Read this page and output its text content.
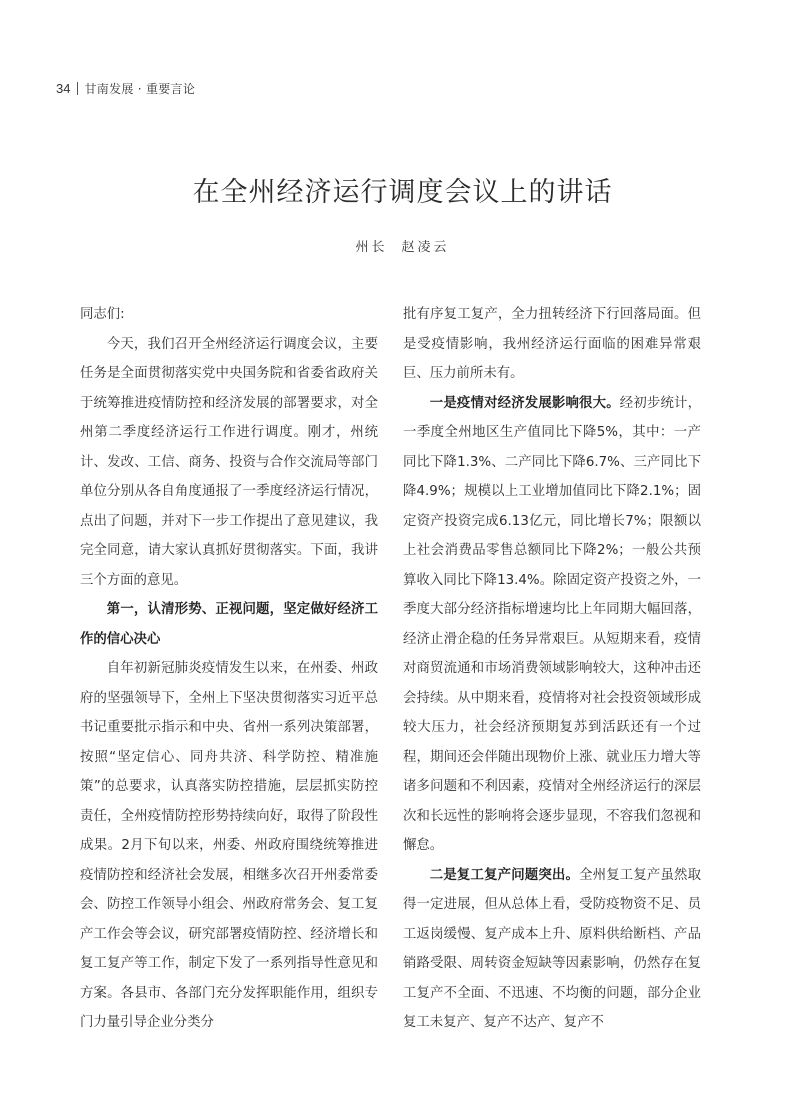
34 甘南发展 · 重要言论
在全州经济运行调度会议上的讲话
州长 赵凌云

同志们:

今天，我们召开全州经济运行调度会议，主要任务是全面贯彻落实党中央国务院和省委省政府关于统筹推进疫情防控和经济发展的部署要求，对全州第二季度经济运行工作进行调度。刚才，州统计、发改、工信、商务、投资与合作交流局等部门单位分别从各自角度通报了一季度经济运行情况，点出了问题，并对下一步工作提出了意见建议，我完全同意，请大家认真抓好贯彻落实。下面，我讲三个方面的意见。

第一，认清形势、正视问题，坚定做好经济工作的信心决心

自年初新冠肺炎疫情发生以来，在州委、州政府的坚强领导下，全州上下坚决贯彻落实习近平总书记重要批示指示和中央、省州一系列决策部署，按照“坚定信心、同舟共济、科学防控、精准施策”的总要求，认真落实防控措施，层层抓实防控责任，全州疫情防控形势持续向好，取得了阶段性成果。2月下旬以来，州委、州政府围绕统筹推进疫情防控和经济社会发展，相继多次召开州委常委会、防控工作领导小组会、州政府常务会、复工复产工作会等会议，研究部署疫情防控、经济增长和复工复产等工作，制定下发了一系列指导性意见和方案。各县市、各部门充分发挥职能作用，组织专门力量引导企业分类分

批有序复工复产，全力扭转经济下行回落局面。但是受疫情影响，我州经济运行面临的困难异常艰巨、压力前所未有。

一是疫情对经济发展影响很大。经初步统计，一季度全州地区生产值同比下降5%，其中：一产同比下降1.3%、二产同比下降6.7%、三产同比下降4.9%；规模以上工业增加值同比下降2.1%；固定资产投资完成6.13亿元，同比增长7%；限额以上社会消费品零售总额同比下降2%；一般公共预算收入同比下降13.4%。除固定资产投资之外，一季度大部分经济指标增速均比上年同期大幅回落，经济止滑企稳的任务异常艰巨。从短期来看，疫情对商贸流通和市场消费领域影响较大，这种冲击还会持续。从中期来看，疫情将对社会投资领域形成较大压力，社会经济预期复苏到活跃还有一个过程，期间还会伴随出现物价上涨、就业压力增大等诸多问题和不利因素，疫情对全州经济运行的深层次和长远性的影响将会逐步显现，不容我们忽视和懈怠。

二是复工复产问题突出。全州复工复产虽然取得一定进展，但从总体上看，受防疫物资不足、员工返岗缓慢、复产成本上升、原料供给断档、产品销路受限、周转资金短缺等因素影响，仍然存在复工复产不全面、不迅速、不均衡的问题，部分企业复工未复产、复产不达产、复产不
